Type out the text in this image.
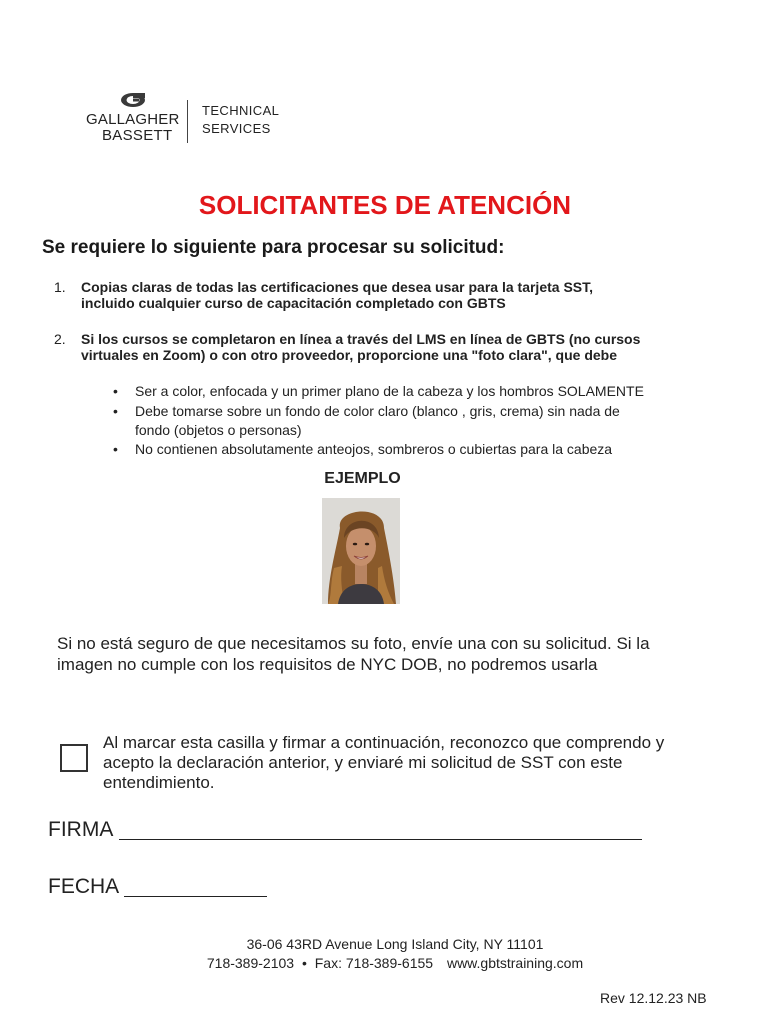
GALLAGHER
BASSETT
TECHNICAL
SERVICES
SOLICITANTES DE ATENCIÓN
Se requiere lo siguiente para procesar su solicitud:
1. Copias claras de todas las certificaciones que desea usar para la tarjeta SST,
incluido cualquier curso de capacitación completado con GBTS
2. Si los cursos se completaron en línea a través del LMS en línea de GBTS (no cursos
virtuales en Zoom) o con otro proveedor, proporcione una "foto clara", que debe
• Ser a color, enfocada y un primer plano de la cabeza y los hombros SOLAMENTE
• Debe tomarse sobre un fondo de color claro (blanco , gris, crema) sin nada de
fondo (objetos o personas)
• No contienen absolutamente anteojos, sombreros o cubiertas para la cabeza
EJEMPLO
Si no está seguro de que necesitamos su foto, envíe una con su solicitud. Si la
imagen no cumple con los requisitos de NYC DOB, no podremos usarla
Al marcar esta casilla y firmar a continuación, reconozco que comprendo y
acepto la declaración anterior, y enviaré mi solicitud de SST con este
entendimiento.
FIRMA
FECHA
36-06 43RD Avenue Long Island City, NY 11101
718-389-2103 • Fax: 718-389-6155 www.gbtstraining.com
Rev 12.12.23 NB
